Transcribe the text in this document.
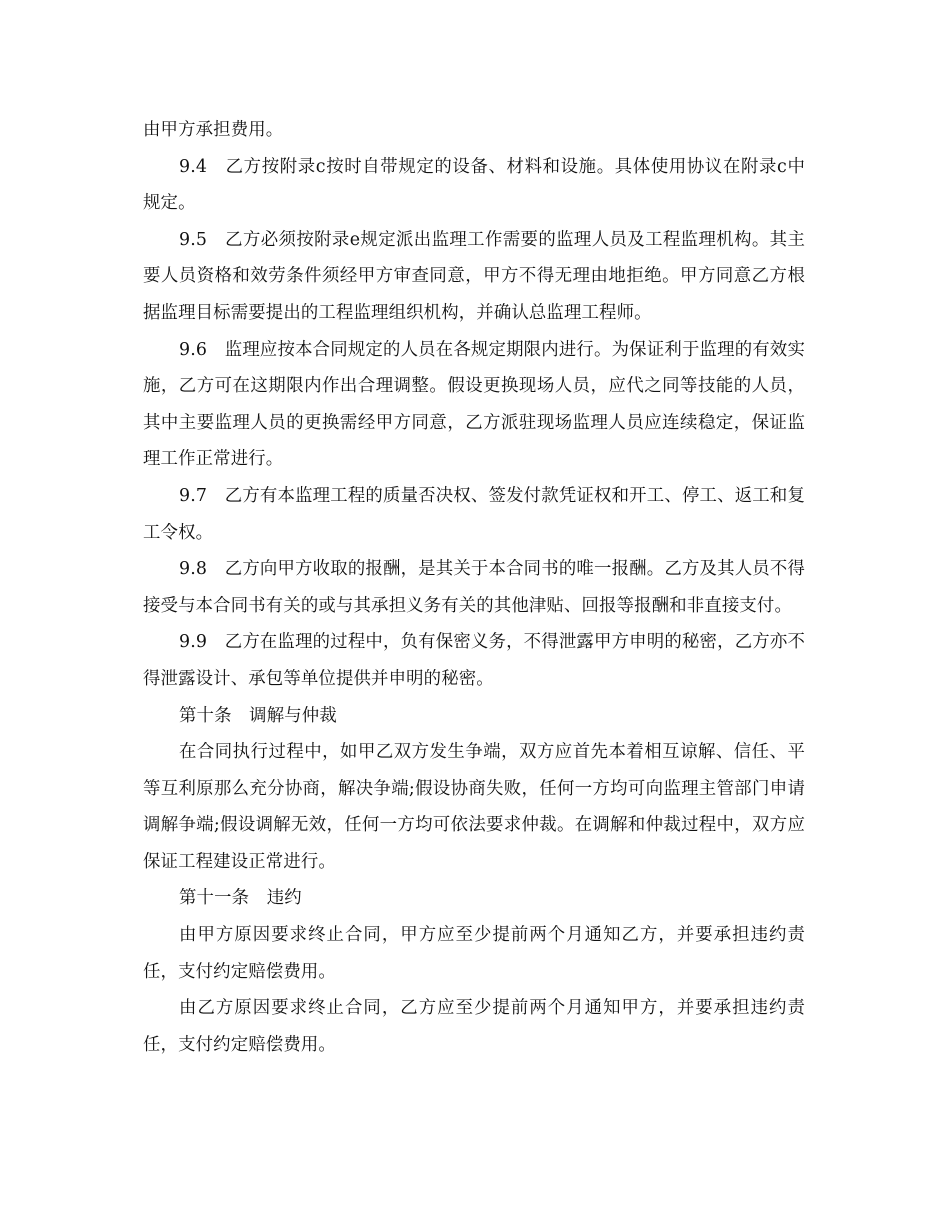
由甲方承担费用。

9.4　乙方按附录c按时自带规定的设备、材料和设施。具体使用协议在附录c中规定。

9.5　乙方必须按附录e规定派出监理工作需要的监理人员及工程监理机构。其主要人员资格和效劳条件须经甲方审查同意，甲方不得无理由地拒绝。甲方同意乙方根据监理目标需要提出的工程监理组织机构，并确认总监理工程师。

9.6　监理应按本合同规定的人员在各规定期限内进行。为保证利于监理的有效实施，乙方可在这期限内作出合理调整。假设更换现场人员，应代之同等技能的人员，其中主要监理人员的更换需经甲方同意，乙方派驻现场监理人员应连续稳定，保证监理工作正常进行。

9.7　乙方有本监理工程的质量否决权、签发付款凭证权和开工、停工、返工和复工令权。

9.8　乙方向甲方收取的报酬，是其关于本合同书的唯一报酬。乙方及其人员不得接受与本合同书有关的或与其承担义务有关的其他津贴、回报等报酬和非直接支付。

9.9　乙方在监理的过程中，负有保密义务，不得泄露甲方申明的秘密，乙方亦不得泄露设计、承包等单位提供并申明的秘密。

第十条　调解与仲裁

在合同执行过程中，如甲乙双方发生争端，双方应首先本着相互谅解、信任、平等互利原那么充分协商，解决争端;假设协商失败，任何一方均可向监理主管部门申请调解争端;假设调解无效，任何一方均可依法要求仲裁。在调解和仲裁过程中，双方应保证工程建设正常进行。

第十一条　违约

由甲方原因要求终止合同，甲方应至少提前两个月通知乙方，并要承担违约责任，支付约定赔偿费用。

由乙方原因要求终止合同，乙方应至少提前两个月通知甲方，并要承担违约责任，支付约定赔偿费用。
